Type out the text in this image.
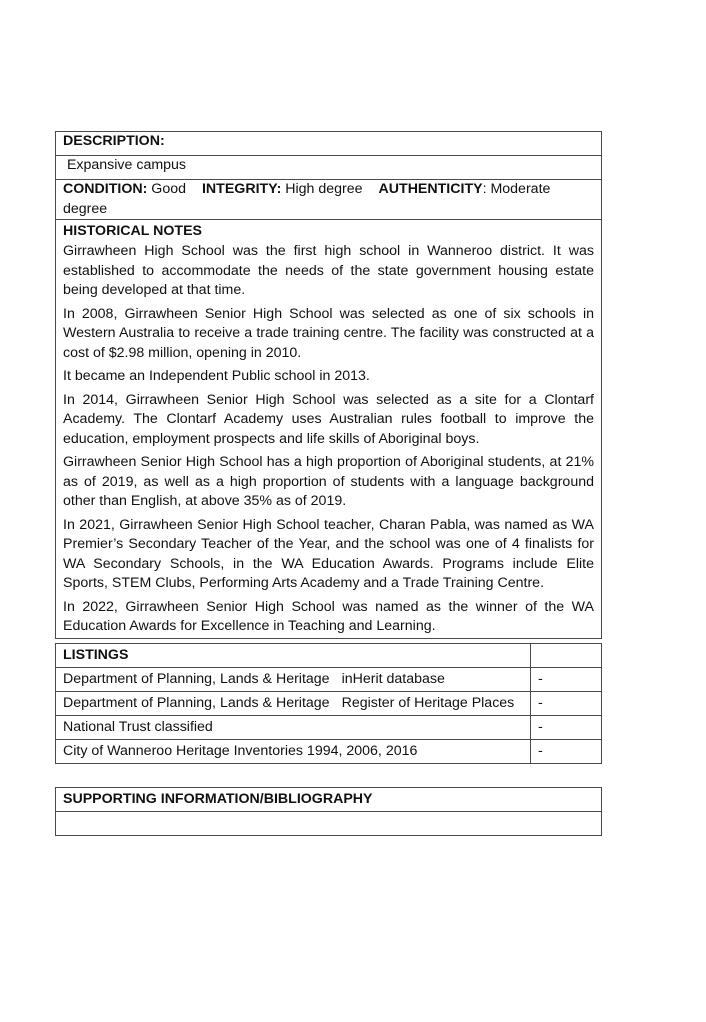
DESCRIPTION:
Expansive campus
CONDITION: Good INTEGRITY: High degree AUTHENTICITY: Moderate degree

HISTORICAL NOTES

Girrawheen High School was the first high school in Wanneroo district. It was established to accommodate the needs of the state government housing estate being developed at that time.

In 2008, Girrawheen Senior High School was selected as one of six schools in Western Australia to receive a trade training centre. The facility was constructed at a cost of $2.98 million, opening in 2010.

It became an Independent Public school in 2013.

In 2014, Girrawheen Senior High School was selected as a site for a Clontarf Academy. The Clontarf Academy uses Australian rules football to improve the education, employment prospects and life skills of Aboriginal boys.

Girrawheen Senior High School has a high proportion of Aboriginal students, at 21% as of 2019, as well as a high proportion of students with a language background other than English, at above 35% as of 2019.

In 2021, Girrawheen Senior High School teacher, Charan Pabla, was named as WA Premier’s Secondary Teacher of the Year, and the school was one of 4 finalists for WA Secondary Schools, in the WA Education Awards. Programs include Elite Sports, STEM Clubs, Performing Arts Academy and a Trade Training Centre.

In 2022, Girrawheen Senior High School was named as the winner of the WA Education Awards for Excellence in Teaching and Learning.

LISTINGS	
Department of Planning, Lands & Heritage inHerit database	-
Department of Planning, Lands & Heritage Register of Heritage Places	-
National Trust classified	-
City of Wanneroo Heritage Inventories 1994, 2006, 2016	-
SUPPORTING INFORMATION/BIBLIOGRAPHY
